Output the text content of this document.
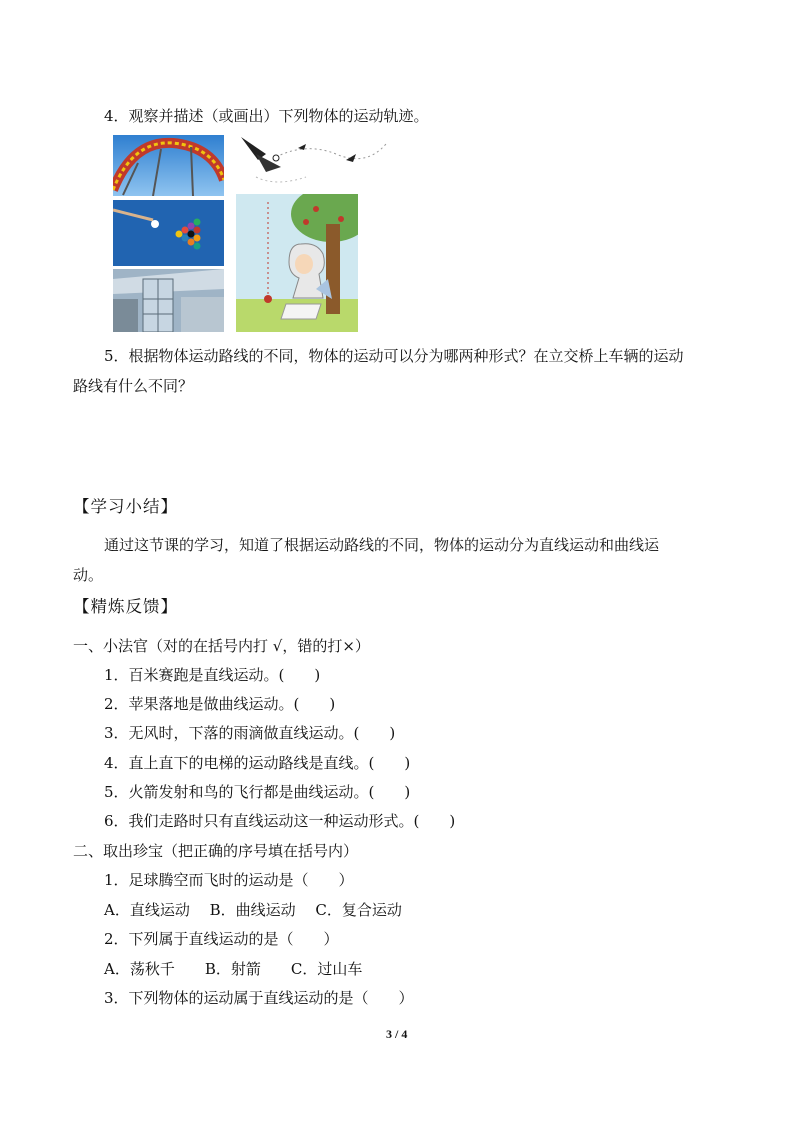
4．观察并描述（或画出）下列物体的运动轨迹。
5．根据物体运动路线的不同，物体的运动可以分为哪两种形式？在立交桥上车辆的运动
路线有什么不同？
【学习小结】
通过这节课的学习，知道了根据运动路线的不同，物体的运动分为直线运动和曲线运
动。
【精炼反馈】
一、小法官（对的在括号内打 √，错的打×）
1．百米赛跑是直线运动。(　　)
2．苹果落地是做曲线运动。(　　)
3．无风时，下落的雨滴做直线运动。(　　)
4．直上直下的电梯的运动路线是直线。(　　)
5．火箭发射和鸟的飞行都是曲线运动。(　　)
6．我们走路时只有直线运动这一种运动形式。(　　)
二、取出珍宝（把正确的序号填在括号内）
1．足球腾空而飞时的运动是（　　）
A．直线运动　 B．曲线运动　 C．复合运动
2．下列属于直线运动的是（　　）
A．荡秋千　　B．射箭　　C．过山车
3．下列物体的运动属于直线运动的是（　　）
3 / 4
